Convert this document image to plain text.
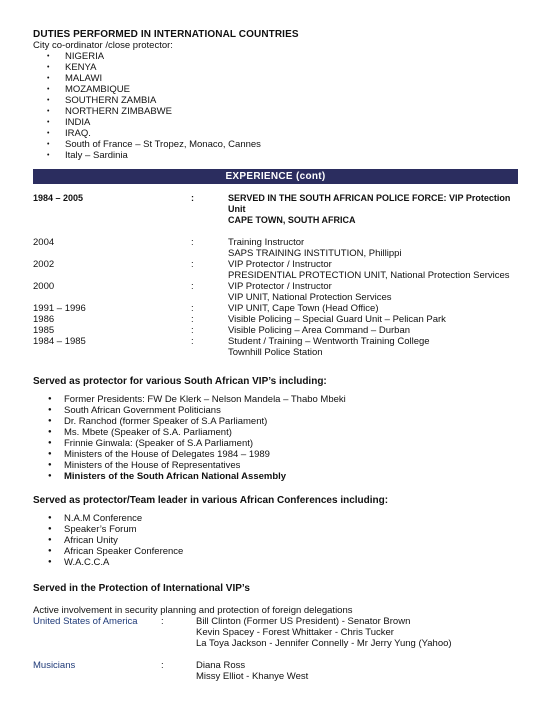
DUTIES PERFORMED IN INTERNATIONAL COUNTRIES
City co-ordinator /close protector:
• NIGERIA
• KENYA
• MALAWI
• MOZAMBIQUE
• SOUTHERN ZAMBIA
• NORTHERN ZIMBABWE
• INDIA
• IRAQ.
• South of France – St Tropez, Monaco, Cannes
• Italy – Sardinia
EXPERIENCE (cont)
1984 – 2005	:	SERVED IN THE SOUTH AFRICAN POLICE FORCE: VIP Protection Unit
CAPE TOWN, SOUTH AFRICA
2004	:	Training Instructor
SAPS TRAINING INSTITUTION, Phillippi
2002	:	VIP Protector / Instructor
PRESIDENTIAL PROTECTION UNIT, National Protection Services
2000	:	VIP Protector / Instructor
VIP UNIT, National Protection Services
1991 – 1996	:	VIP UNIT, Cape Town (Head Office)
1986	:	Visible Policing – Special Guard Unit – Pelican Park
1985	:	Visible Policing – Area Command – Durban
1984 – 1985	:	Student / Training – Wentworth Training College
Townhill Police Station
Served as protector for various South African VIP’s including:
● Former Presidents: FW De Klerk – Nelson Mandela – Thabo Mbeki
● South African Government Politicians
● Dr. Ranchod (former Speaker of S.A Parliament)
● Ms. Mbete (Speaker of S.A. Parliament)
● Frinnie Ginwala: (Speaker of S.A Parliament)
● Ministers of the House of Delegates 1984 – 1989
● Ministers of the House of Representatives
● Ministers of the South African National Assembly
Served as protector/Team leader in various African Conferences including:
● N.A.M Conference
● Speaker’s Forum
● African Unity
● African Speaker Conference
● W.A.C.C.A
Served in the Protection of International VIP’s
Active involvement in security planning and protection of foreign delegations
United States of America	:	Bill Clinton (Former US President) - Senator Brown
Kevin Spacey - Forest Whittaker - Chris Tucker
La Toya Jackson - Jennifer Connelly - Mr Jerry Yung (Yahoo)
Musicians	:	Diana Ross
Missy Elliot - Khanye West
